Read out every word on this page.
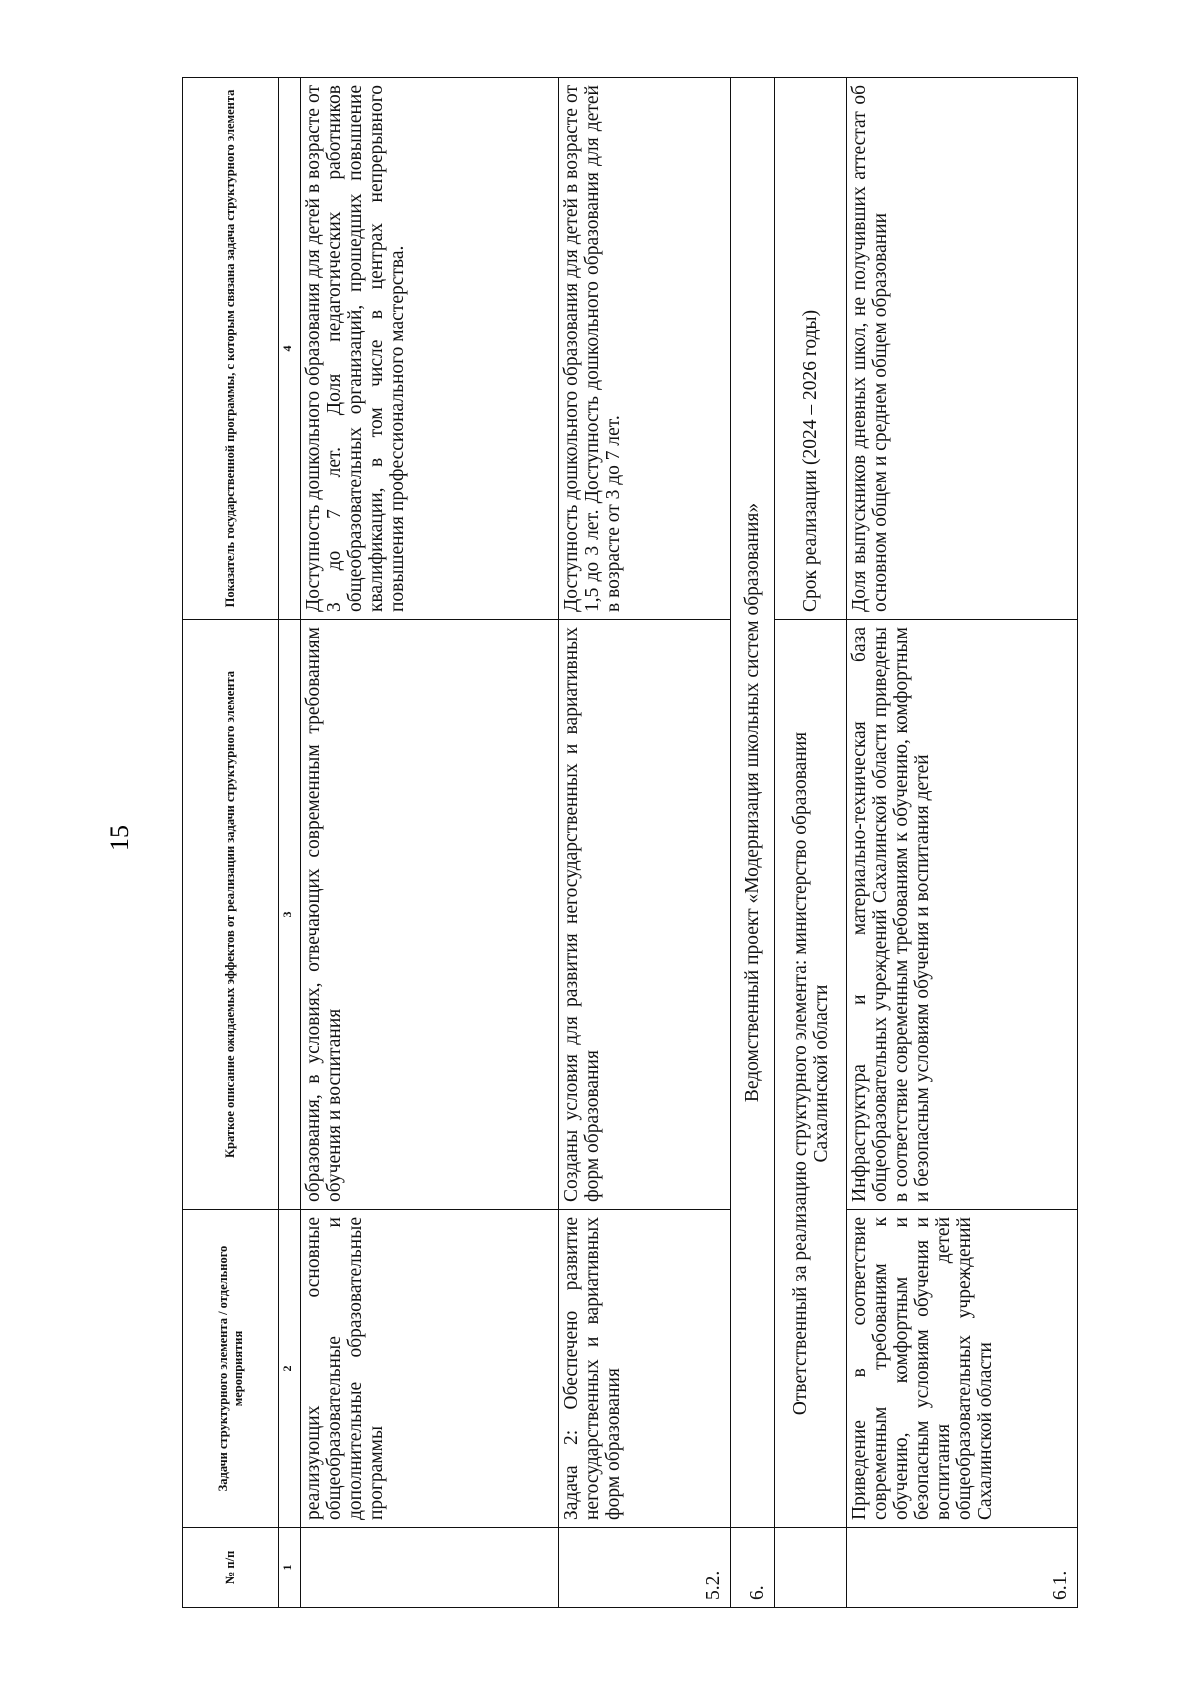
15
№ п/п	Задачи структурного элемента / отдельного мероприятия	Краткое описание ожидаемых эффектов от реализации задачи структурного элемента	Показатель государственной программы, с которым связана задача структурного элемента
1	2	3	4
	реализующих основные общеобразовательные и дополнительные образовательные программы	образования, в условиях, отвечающих современным требованиям обучения и воспитания	Доступность дошкольного образования для детей в возрасте от 3 до 7 лет. Доля педагогических работников общеобразовательных организаций, прошедших повышение квалификации, в том числе в центрах непрерывного повышения профессионального мастерства.
5.2.	Задача 2: Обеспечено развитие негосударственных и вариативных форм образования	Созданы условия для развития негосударственных и вариативных форм образования	Доступность дошкольного образования для детей в возрасте от 1,5 до 3 лет. Доступность дошкольного образования для детей в возрасте от 3 до 7 лет.
6.	Ведомственный проект «Модернизация школьных систем образования»		
	Ответственный за реализацию структурного элемента: министерство образования Сахалинской области		Срок реализации (2024 – 2026 годы)
6.1.	Приведение в соответствие современным требованиям к обучению, комфортным и безопасным условиям обучения и воспитания детей общеобразовательных учреждений Сахалинской области	Инфраструктура и материально-техническая база общеобразовательных учреждений Сахалинской области приведены в соответствие современным требованиям к обучению, комфортным и безопасным условиям обучения и воспитания детей	Доля выпускников дневных школ, не получивших аттестат об основном общем и среднем общем образовании
